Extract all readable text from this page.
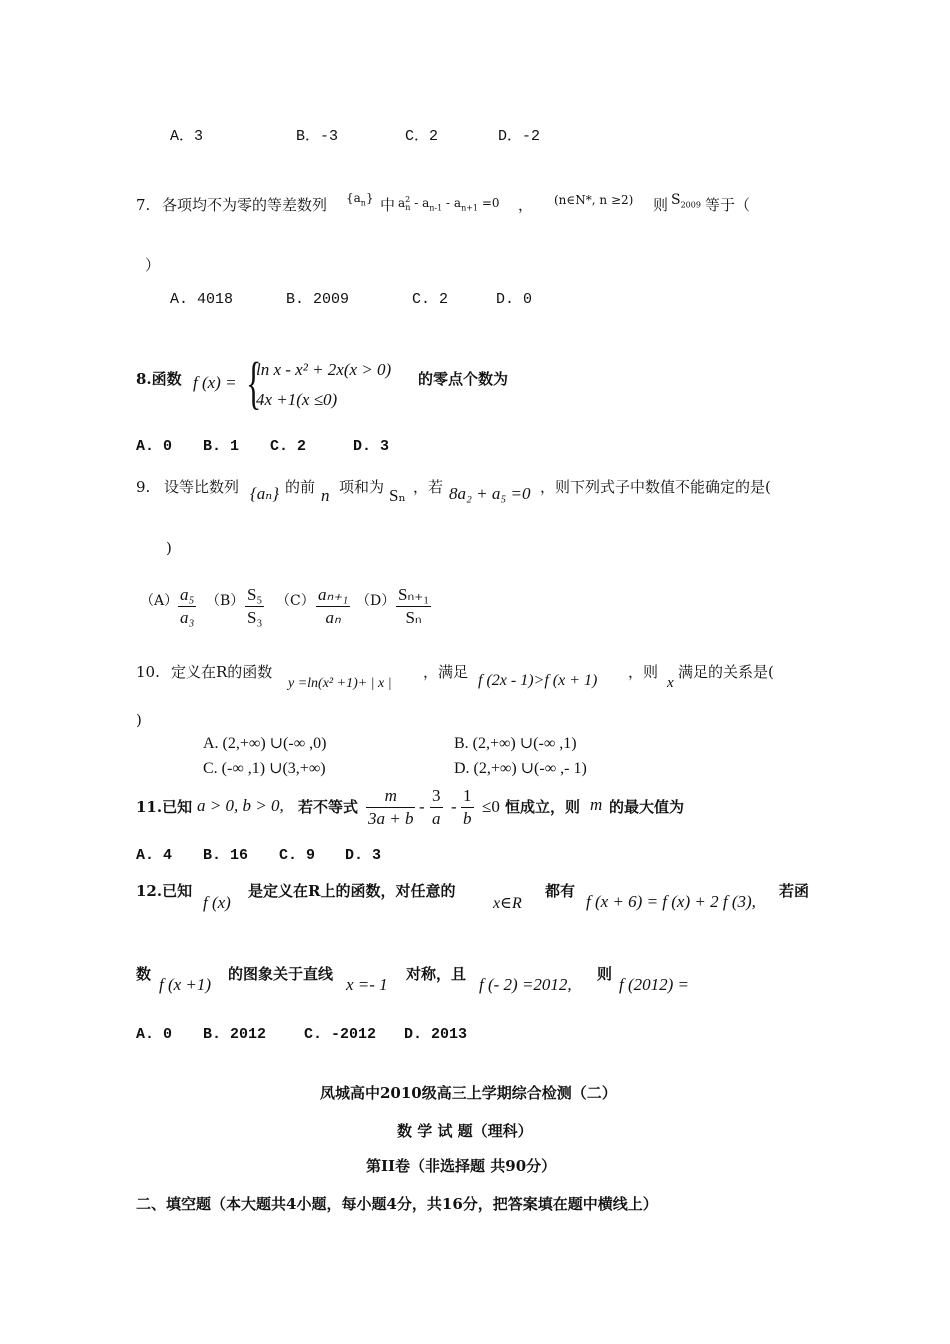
A．3	B．-3	C．2	D．-2
7. 各项均不为零的等差数列 $\{a_n\}$ 中 $a^2_n - a_{n-1} - a_{n+1} =0$ ， (n∈N*, n ≥2) 则 $S_{2009}$ 等于（
）
A. 4018	B. 2009	C. 2	D. 0
8.函数 f (x) = {
ln x - x² + 2x(x > 0)
4x +1(x ≤0)
的零点个数为
A. 0 B. 1 C. 2	D. 3
9. 设等比数列 {aₙ} 的前 n 项和为 Sₙ ，若 8a₂ + a₅ =0 ，则下列式子中数值不能确定的是(
)
$(A) \frac{\text{a₅}}{\text{a₃}} (B) \frac{\text{S₅}}{\text{S₃}} (C) \frac{\text{aₙ₊₁}}{\text{aₙ}} (D) \frac{\text{Sₙ₊₁}}{\text{Sₙ}}$
10. 定义在R的函数
y =ln(x² +1)+ | x |
，满足 f (2x - 1)>f (x + 1) ，则
x
满足的关系是(
)
A. (2,+∞) ∪(-∞ ,0)	B. (2,+∞) ∪(-∞ ,1)
C. (-∞ ,1) ∪(3,+∞)	D. (2,+∞) ∪(-∞ ,- 1)
11.已知 a > 0, b > 0, 若不等式 $\frac{m}{3a + b} - \frac{3}{a} - \frac{1}{b} \le 0$ 恒成立，则 m 的最大值为
A. 4 B. 16 C. 9 D. 3
12.已知
f (x)
是定义在R上的函数，对任意的
x∈R
都有
f (x + 6) = f (x) + 2 f (3),
若函
数
f (x +1)
的图象关于直线
x =- 1
对称，且
f (- 2) =2012,
则
f (2012) =
A. 0 B. 2012	C. -2012 D. 2013
凤城高中2010级高三上学期综合检测（二）
数 学 试 题（理科）
第II卷（非选择题 共90分）
二、填空题（本大题共4小题，每小题4分，共16分，把答案填在题中横线上）
